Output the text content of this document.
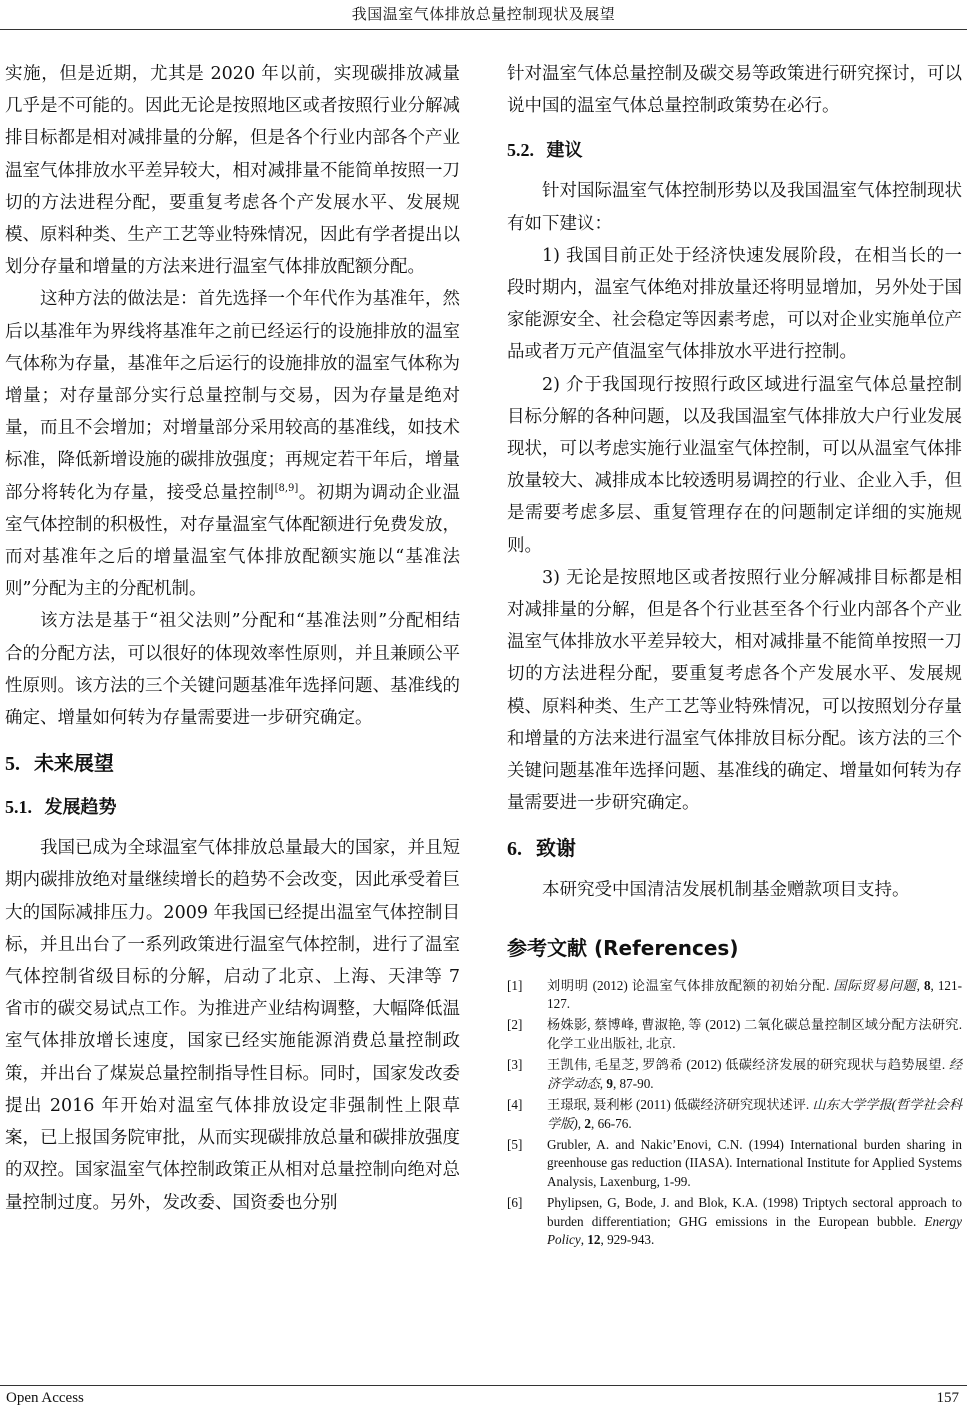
我国温室气体排放总量控制现状及展望

实施，但是近期，尤其是 2020 年以前，实现碳排放减量几乎是不可能的。因此无论是按照地区或者按照行业分解减排目标都是相对减排量的分解，但是各个行业内部各个产业温室气体排放水平差异较大，相对减排量不能简单按照一刀切的方法进程分配，要重复考虑各个产发展水平、发展规模、原料种类、生产工艺等业特殊情况，因此有学者提出以划分存量和增量的方法来进行温室气体排放配额分配。

这种方法的做法是：首先选择一个年代作为基准年，然后以基准年为界线将基准年之前已经运行的设施排放的温室气体称为存量，基准年之后运行的设施排放的温室气体称为增量；对存量部分实行总量控制与交易，因为存量是绝对量，而且不会增加；对增量部分采用较高的基准线，如技术标准，降低新增设施的碳排放强度；再规定若干年后，增量部分将转化为存量，接受总量控制[8,9]。初期为调动企业温室气体控制的积极性，对存量温室气体配额进行免费发放，而对基准年之后的增量温室气体排放配额实施以“基准法则”分配为主的分配机制。

该方法是基于“祖父法则”分配和“基准法则”分配相结合的分配方法，可以很好的体现效率性原则，并且兼顾公平性原则。该方法的三个关键问题基准年选择问题、基准线的确定、增量如何转为存量需要进一步研究确定。

5. 未来展望
5.1. 发展趋势

我国已成为全球温室气体排放总量最大的国家，并且短期内碳排放绝对量继续增长的趋势不会改变，因此承受着巨大的国际减排压力。2009 年我国已经提出温室气体控制目标，并且出台了一系列政策进行温室气体控制，进行了温室气体控制省级目标的分解，启动了北京、上海、天津等 7 省市的碳交易试点工作。为推进产业结构调整，大幅降低温室气体排放增长速度，国家已经实施能源消费总量控制政策，并出台了煤炭总量控制指导性目标。同时，国家发改委提出 2016 年开始对温室气体排放设定非强制性上限草案，已上报国务院审批，从而实现碳排放总量和碳排放强度的双控。国家温室气体控制政策正从相对总量控制向绝对总量控制过度。另外，发改委、国资委也分别

针对温室气体总量控制及碳交易等政策进行研究探讨，可以说中国的温室气体总量控制政策势在必行。

5.2. 建议

针对国际温室气体控制形势以及我国温室气体控制现状有如下建议：

1) 我国目前正处于经济快速发展阶段，在相当长的一段时期内，温室气体绝对排放量还将明显增加，另外处于国家能源安全、社会稳定等因素考虑，可以对企业实施单位产品或者万元产值温室气体排放水平进行控制。

2) 介于我国现行按照行政区域进行温室气体总量控制目标分解的各种问题，以及我国温室气体排放大户行业发展现状，可以考虑实施行业温室气体控制，可以从温室气体排放量较大、减排成本比较透明易调控的行业、企业入手，但是需要考虑多层、重复管理存在的问题制定详细的实施规则。

3) 无论是按照地区或者按照行业分解减排目标都是相对减排量的分解，但是各个行业甚至各个行业内部各个产业温室气体排放水平差异较大，相对减排量不能简单按照一刀切的方法进程分配，要重复考虑各个产发展水平、发展规模、原料种类、生产工艺等业特殊情况，可以按照划分存量和增量的方法来进行温室气体排放目标分配。该方法的三个关键问题基准年选择问题、基准线的确定、增量如何转为存量需要进一步研究确定。

6. 致谢

本研究受中国清洁发展机制基金赠款项目支持。

参考文献 (References)
[1]	刘明明 (2012) 论温室气体排放配额的初始分配. 国际贸易问题, 8, 121-127.
[2]	杨姝影, 蔡博峰, 曹淑艳, 等 (2012) 二氧化碳总量控制区域分配方法研究.化学工业出版社, 北京.
[3]	王凯伟, 毛星芝, 罗鸽希 (2012) 低碳经济发展的研究现状与趋势展望. 经济学动态, 9, 87-90.
[4]	王璟珉, 聂利彬 (2011) 低碳经济研究现状述评. 山东大学学报(哲学社会科学版), 2, 66-76.
[5]	Grubler, A. and Nakic’Enovi, C.N. (1994) International burden sharing in greenhouse gas reduction (IIASA). International Institute for Applied Systems Analysis, Laxenburg, 1-99.
[6]	Phylipsen, G, Bode, J. and Blok, K.A. (1998) Triptych sectoral approach to burden differentiation; GHG emissions in the European bubble. Energy Policy, 12, 929-943.
Open Access	157
